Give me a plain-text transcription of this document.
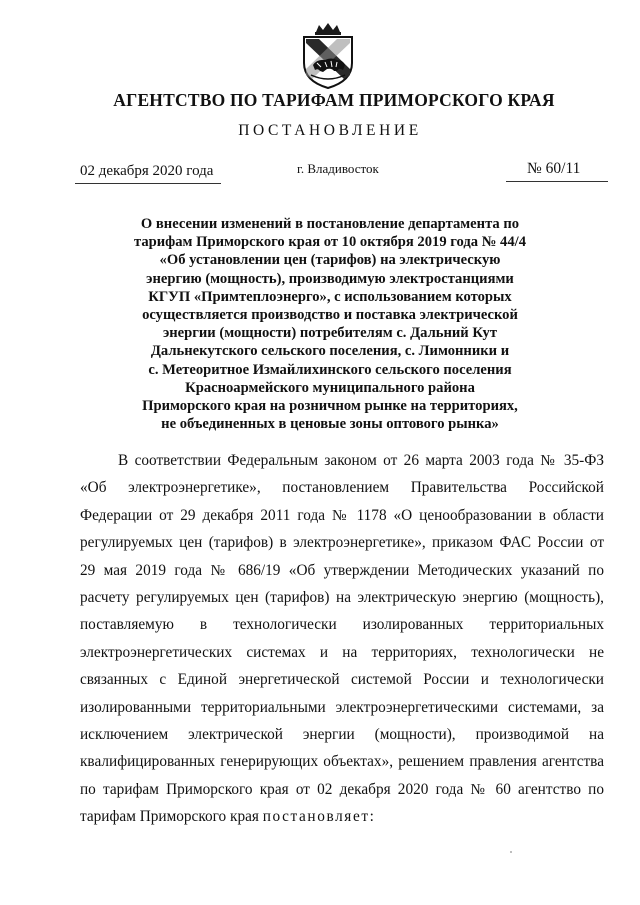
АГЕНТСТВО ПО ТАРИФАМ ПРИМОРСКОГО КРАЯ
ПОСТАНОВЛЕНИЕ
02 декабря 2020 года	г. Владивосток	№ 60/11
О внесении изменений в постановление департамента по
тарифам Приморского края от 10 октября 2019 года № 44/4
«Об установлении цен (тарифов) на электрическую
энергию (мощность), производимую электростанциями
КГУП «Примтеплоэнерго», с использованием которых
осуществляется производство и поставка электрической
энергии (мощности) потребителям с. Дальний Кут
Дальнекутского сельского поселения, с. Лимонники и
с. Метеоритное Измайлихинского сельского поселения
Красноармейского муниципального района
Приморского края на розничном рынке на территориях,
не объединенных в ценовые зоны оптового рынка»
В соответствии Федеральным законом от 26 марта 2003 года № 35-ФЗ
«Об электроэнергетике», постановлением Правительства Российской
Федерации от 29 декабря 2011 года № 1178 «О ценообразовании в области
регулируемых цен (тарифов) в электроэнергетике», приказом ФАС России от
29 мая 2019 года № 686/19 «Об утверждении Методических указаний по
расчету регулируемых цен (тарифов) на электрическую энергию (мощность),
поставляемую в технологически изолированных территориальных
электроэнергетических системах и на территориях, технологически не
связанных с Единой энергетической системой России и технологически
изолированными территориальными электроэнергетическими системами, за
исключением электрической энергии (мощности), производимой на
квалифицированных генерирующих объектах», решением правления агентства
по тарифам Приморского края от 02 декабря 2020 года № 60 агентство по
тарифам Приморского края постановляет:
